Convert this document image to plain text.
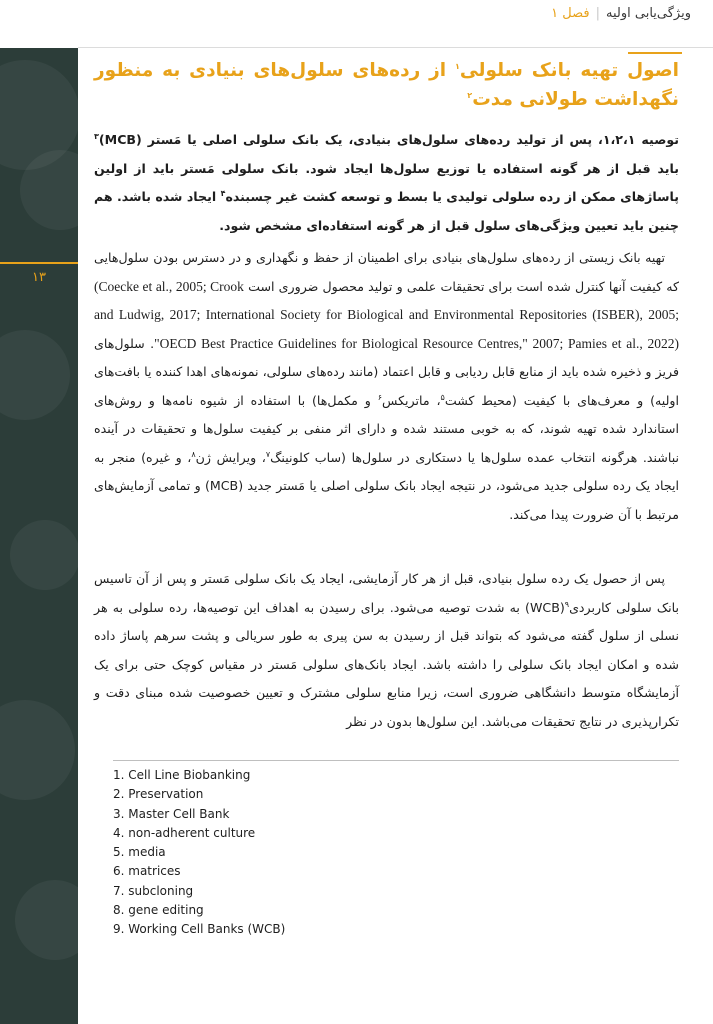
ویژگی‌یابی اولیه|فصل ۱
۱۳
اصول تهیه بانک سلولی$^۱$ از رده‌های سلول‌های بنیادی به منظور نگهداشت طولانی مدت$^۲$
توصیه ۱،۲،۱، پس از تولید رده‌های سلول‌های بنیادی، یک بانک سلولی اصلی یا مَستر (MCB)$^۳$ باید قبل از هر گونه استفاده یا توزیع سلول‌ها ایجاد شود. بانک سلولی مَستر باید از اولین پاساژهای ممکن از رده سلولی تولیدی یا بسط و توسعه کشت غیر چسبنده$^۴$ ایجاد شده باشد. هم چنین باید تعیین ویژگی‌های سلول قبل از هر گونه استفاده‌ای مشخص شود.
تهیه بانک زیستی از رده‌های سلول‌های بنیادی برای اطمینان از حفظ و نگهداری و در دسترس بودن سلول‌هایی که کیفیت آنها کنترل شده است برای تحقیقات علمی و تولید محصول ضروری است (Coecke et al., 2005; Crook and Ludwig, 2017; International Society for Biological and Environmental Repositories (ISBER), 2005; "OECD Best Practice Guidelines for Biological Resource Centres," 2007; Pamies et al., 2022). سلول‌های فریز و ذخیره شده باید از منابع قابل ردیابی و قابل اعتماد (مانند رده‌های سلولی، نمونه‌های اهدا کننده یا بافت‌های اولیه) و معرف‌های با کیفیت (محیط کشت$^۵$، ماتریکس$^۶$ و مکمل‌ها) با استفاده از شیوه نامه‌ها و روش‌های استاندارد شده تهیه شوند، که به خوبی مستند شده و دارای اثر منفی بر کیفیت سلول‌ها و تحقیقات در آینده نباشند. هرگونه انتخاب عمده سلول‌ها یا دستکاری در سلول‌ها (ساب کلونینگ$^۷$، ویرایش ژن$^۸$، و غیره) منجر به ایجاد یک رده سلولی جدید می‌شود، در نتیجه ایجاد بانک سلولی اصلی یا مَستر جدید (MCB) و تمامی آزمایش‌های مرتبط با آن ضرورت پیدا می‌کند.
پس از حصول یک رده سلول بنیادی، قبل از هر کار آزمایشی، ایجاد یک بانک سلولی مَستر و پس از آن تاسیس بانک سلولی کاربردی$^۹$(WCB) به شدت توصیه می‌شود. برای رسیدن به اهداف این توصیه‌ها، رده سلولی به هر نسلی از سلول گفته می‌شود که بتواند قبل از رسیدن به سن پیری به طور سریالی و پشت سرهم پاساژ داده شده و امکان ایجاد بانک سلولی را داشته باشد. ایجاد بانک‌های سلولی مَستر در مقیاس کوچک حتی برای یک آزمایشگاه متوسط دانشگاهی ضروری است، زیرا منابع سلولی مشترک و تعیین خصوصیت شده مبنای دقت و تکرارپذیری در نتایج تحقیقات می‌باشد. این سلول‌ها بدون در نظر
1. Cell Line Biobanking
2. Preservation
3. Master Cell Bank
4. non-adherent culture
5. media
6. matrices
7. subcloning
8. gene editing
9. Working Cell Banks (WCB)
